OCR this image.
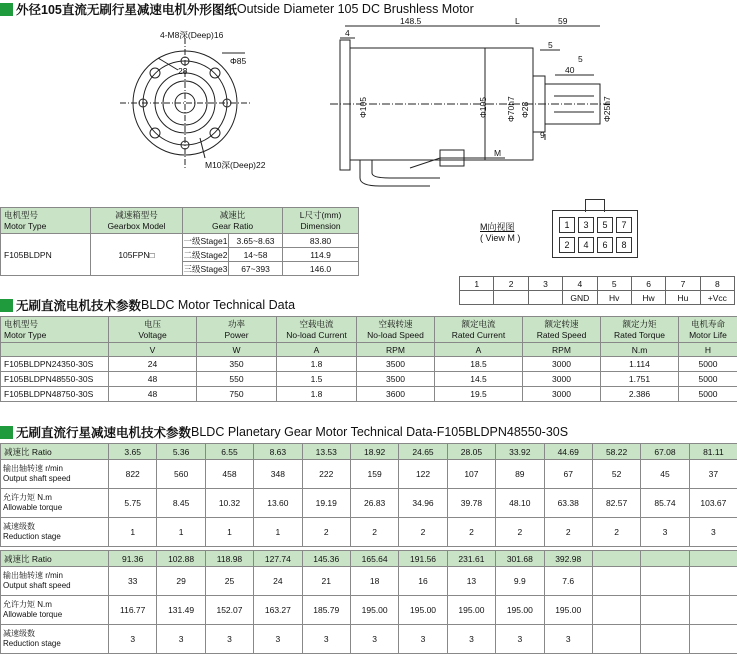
外径105直流无刷行星减速电机外形图纸 Outside Diameter 105 DC Brushless Motor
4-M8深(Deep)16
Φ85
28
M10深(Deep)22
148.5	L	59
4
5
40
5
Φ105	Φ105 Φ70h7 Φ28	Φ25h7
9
M
电机型号
Motor Type	减速箱型号
Gearbox Model	减速比
Gear Ratio		L尺寸(mm)
Dimension
F105BLDPN	105FPN□	一级Stage1	3.65~8.63	83.80
		二级Stage2	14~58	114.9
		三级Stage3	67~393	146.0
M向视图
( View M )
1	3	5	7
2	4	6	8
1	2	3	4	5	6	7	8
			GND	Hv	Hw	Hu	+Vcc
无刷直流电机技术参数 BLDC Motor Technical Data
电机型号
Motor Type	电压
Voltage	功率
Power	空载电流
No-load Current	空载转速
No-load Speed	额定电流
Rated Current	额定转速
Rated Speed	额定力矩
Rated Torque	电机寿命
Motor Life
	V	W	A	RPM	A	RPM	N.m	H
F105BLDPN24350-30S	24	350	1.8	3500	18.5	3000	1.114	5000
F105BLDPN48550-30S	48	550	1.5	3500	14.5	3000	1.751	5000
F105BLDPN48750-30S	48	750	1.8	3600	19.5	3000	2.386	5000
无刷直流行星减速电机技术参数 BLDC Planetary Gear Motor Technical Data-F105BLDPN48550-30S
减速比 Ratio	3.65	5.36	6.55	8.63	13.53	18.92	24.65	28.05	33.92	44.69	58.22	67.08	81.11
输出轴转速 r/min
Output shaft speed	822	560	458	348	222	159	122	107	89	67	52	45	37
允许力矩 N.m
Allowable torque	5.75	8.45	10.32	13.60	19.19	26.83	34.96	39.78	48.10	63.38	82.57	85.74	103.67
减速级数
Reduction stage	1	1	1	1	2	2	2	2	2	2	2	3	3
减速比 Ratio	91.36	102.88	118.98	127.74	145.36	165.64	191.56	231.61	301.68	392.98			
输出轴转速 r/min
Output shaft speed	33	29	25	24	21	18	16	13	9.9	7.6			
允许力矩 N.m
Allowable torque	116.77	131.49	152.07	163.27	185.79	195.00	195.00	195.00	195.00	195.00			
减速级数
Reduction stage	3	3	3	3	3	3	3	3	3	3			
